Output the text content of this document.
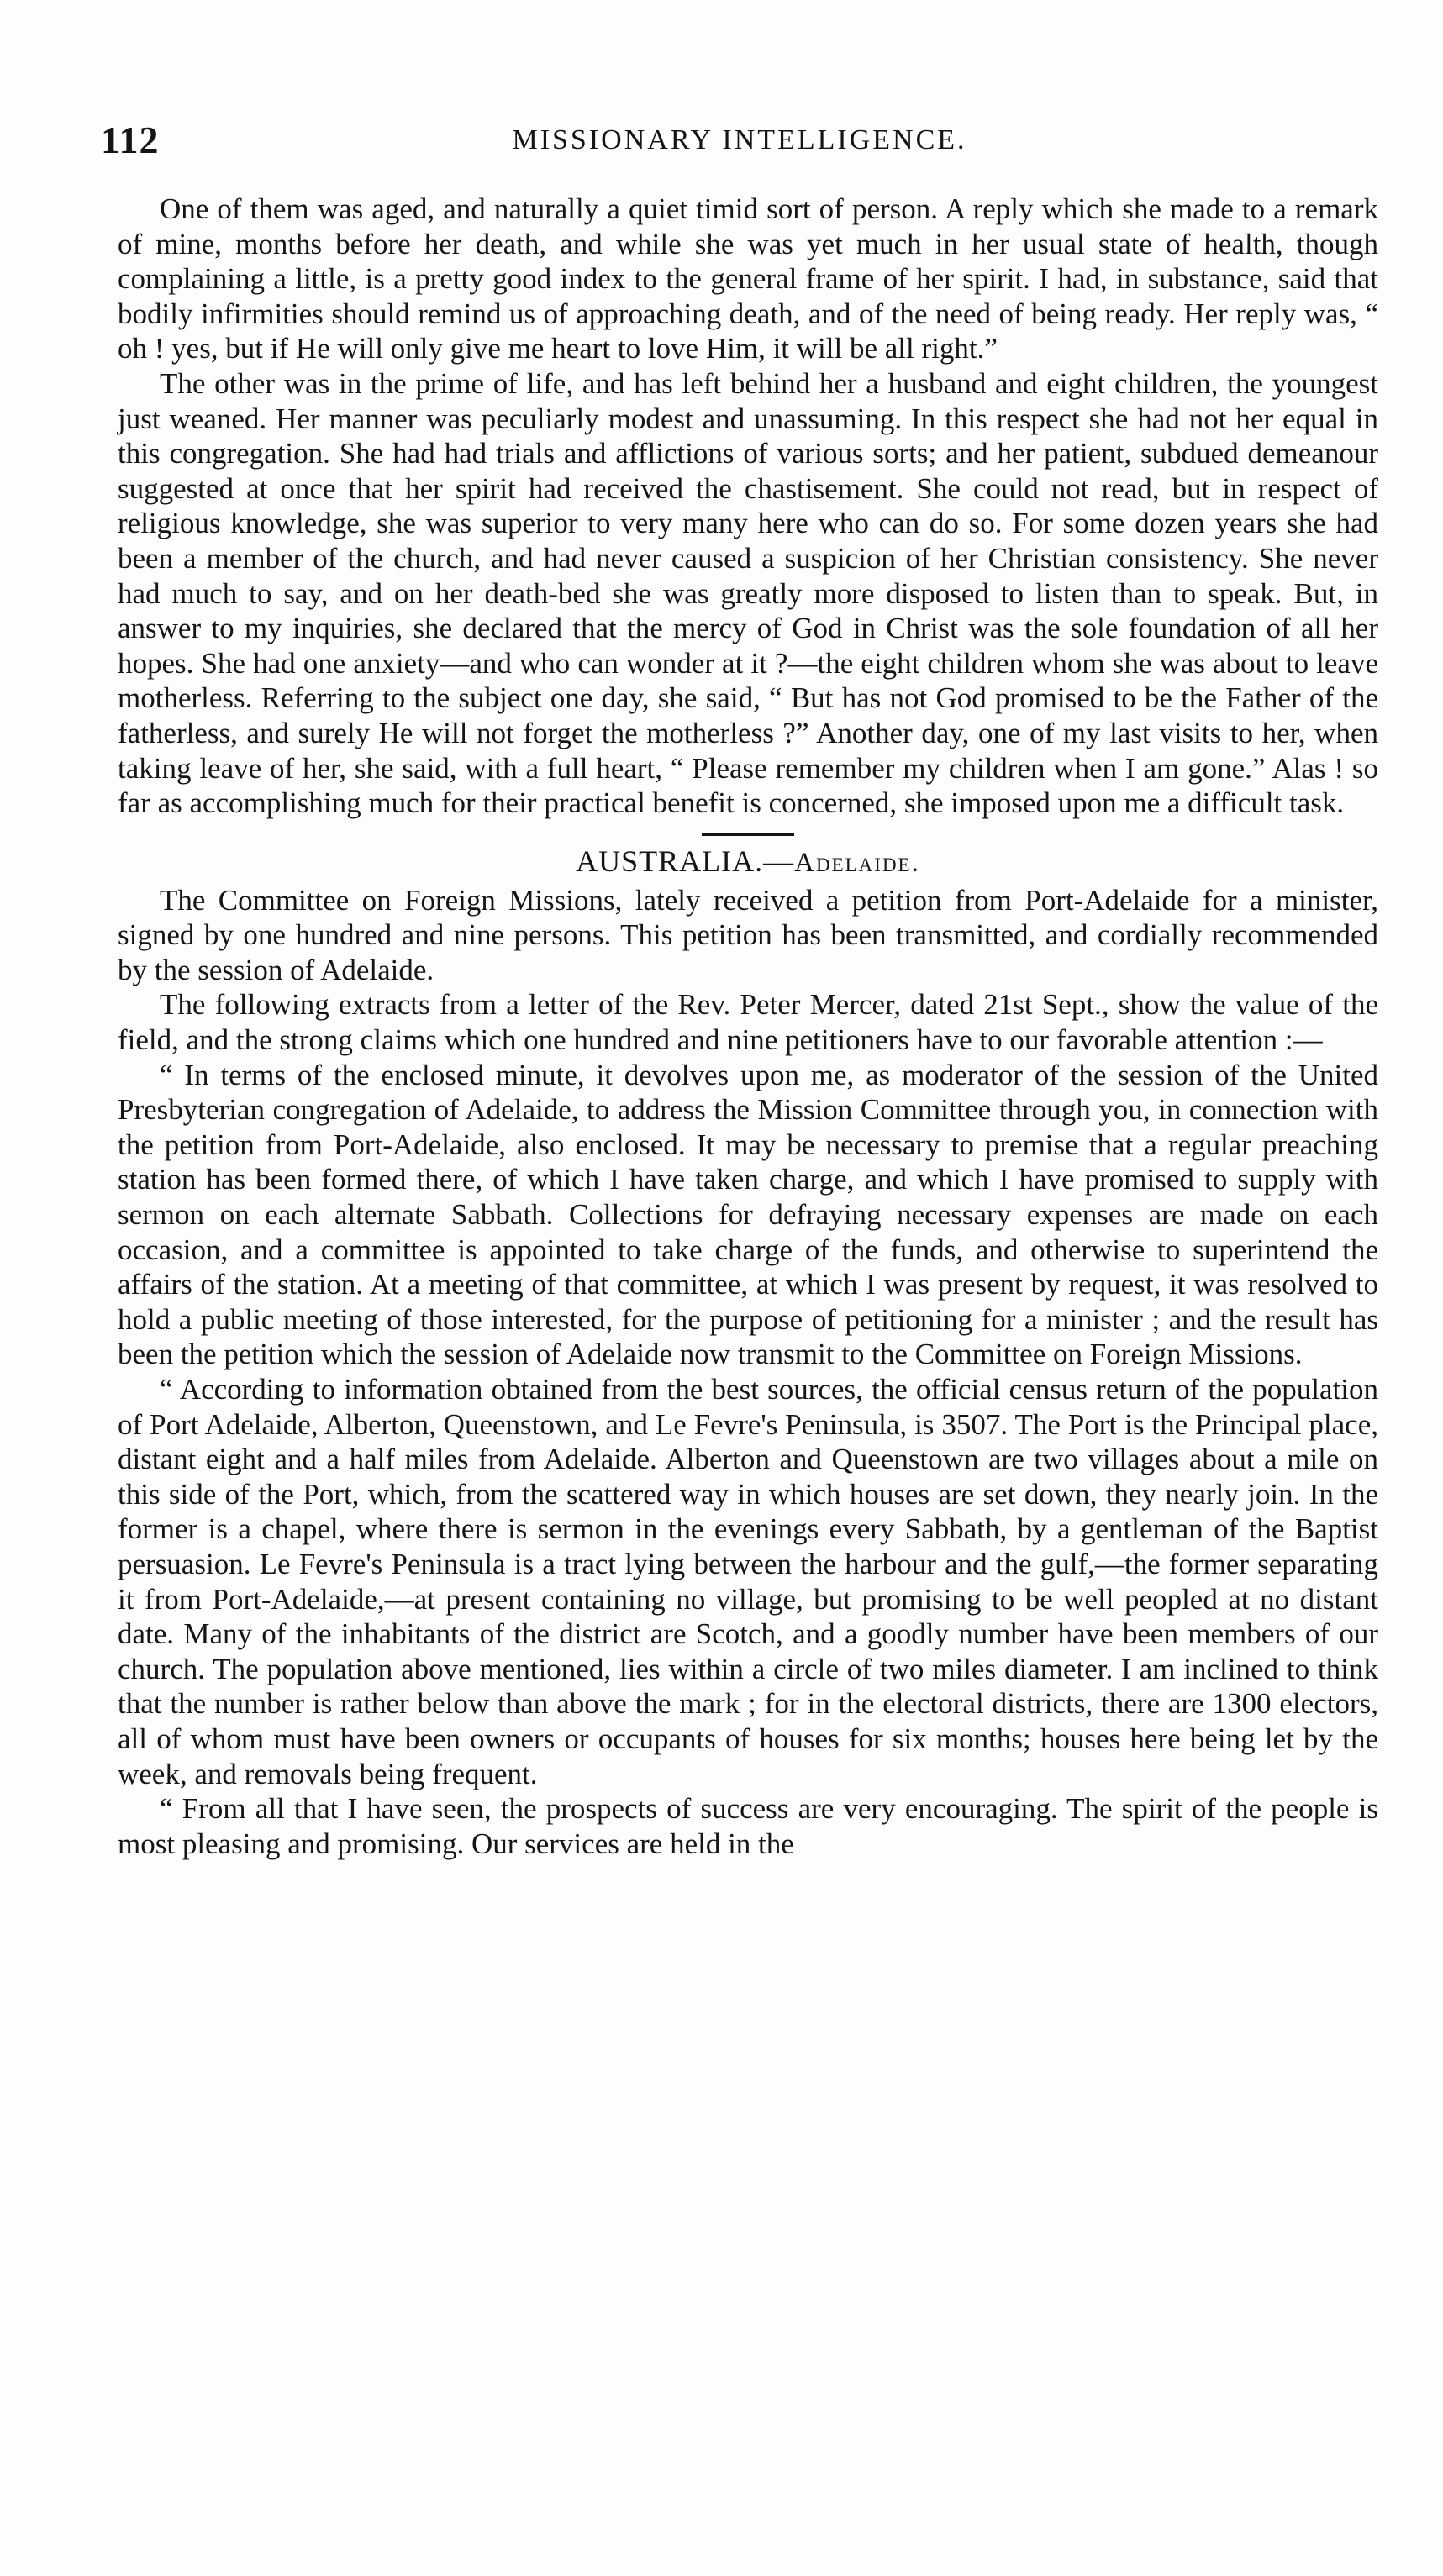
112	MISSIONARY INTELLIGENCE.

One of them was aged, and naturally a quiet timid sort of person. A reply which she made to a remark of mine, months before her death, and while she was yet much in her usual state of health, though complaining a little, is a pretty good index to the general frame of her spirit. I had, in substance, said that bodily infirmities should remind us of approaching death, and of the need of being ready. Her reply was, “ oh ! yes, but if He will only give me heart to love Him, it will be all right.”

The other was in the prime of life, and has left behind her a husband and eight children, the youngest just weaned. Her manner was peculiarly modest and unassuming. In this respect she had not her equal in this congregation. She had had trials and afflictions of various sorts; and her patient, subdued demeanour suggested at once that her spirit had received the chastisement. She could not read, but in respect of religious knowledge, she was superior to very many here who can do so. For some dozen years she had been a member of the church, and had never caused a suspicion of her Christian consistency. She never had much to say, and on her death-bed she was greatly more disposed to listen than to speak. But, in answer to my inquiries, she declared that the mercy of God in Christ was the sole foundation of all her hopes. She had one anxiety—and who can wonder at it ?—the eight children whom she was about to leave motherless. Referring to the subject one day, she said, “ But has not God promised to be the Father of the fatherless, and surely He will not forget the motherless ?” Another day, one of my last visits to her, when taking leave of her, she said, with a full heart, “ Please remember my children when I am gone.” Alas ! so far as accomplishing much for their practical benefit is concerned, she imposed upon me a difficult task.

AUSTRALIA.—Adelaide.

The Committee on Foreign Missions, lately received a petition from Port-Adelaide for a minister, signed by one hundred and nine persons. This petition has been transmitted, and cordially recommended by the session of Adelaide.

The following extracts from a letter of the Rev. Peter Mercer, dated 21st Sept., show the value of the field, and the strong claims which one hundred and nine petitioners have to our favorable attention :—

“ In terms of the enclosed minute, it devolves upon me, as moderator of the session of the United Presbyterian congregation of Adelaide, to address the Mission Committee through you, in connection with the petition from Port-Adelaide, also enclosed. It may be necessary to premise that a regular preaching station has been formed there, of which I have taken charge, and which I have promised to supply with sermon on each alternate Sabbath. Collections for defraying necessary expenses are made on each occasion, and a committee is appointed to take charge of the funds, and otherwise to superintend the affairs of the station. At a meeting of that committee, at which I was present by request, it was resolved to hold a public meeting of those interested, for the purpose of petitioning for a minister ; and the result has been the petition which the session of Adelaide now transmit to the Committee on Foreign Missions.

“ According to information obtained from the best sources, the official census return of the population of Port Adelaide, Alberton, Queenstown, and Le Fevre's Peninsula, is 3507. The Port is the Principal place, distant eight and a half miles from Adelaide. Alberton and Queenstown are two villages about a mile on this side of the Port, which, from the scattered way in which houses are set down, they nearly join. In the former is a chapel, where there is sermon in the evenings every Sabbath, by a gentleman of the Baptist persuasion. Le Fevre's Peninsula is a tract lying between the harbour and the gulf,—the former separating it from Port-Adelaide,—at present containing no village, but promising to be well peopled at no distant date. Many of the inhabitants of the district are Scotch, and a goodly number have been members of our church. The population above mentioned, lies within a circle of two miles diameter. I am inclined to think that the number is rather below than above the mark ; for in the electoral districts, there are 1300 electors, all of whom must have been owners or occupants of houses for six months; houses here being let by the week, and removals being frequent.

“ From all that I have seen, the prospects of success are very encouraging. The spirit of the people is most pleasing and promising. Our services are held in the
